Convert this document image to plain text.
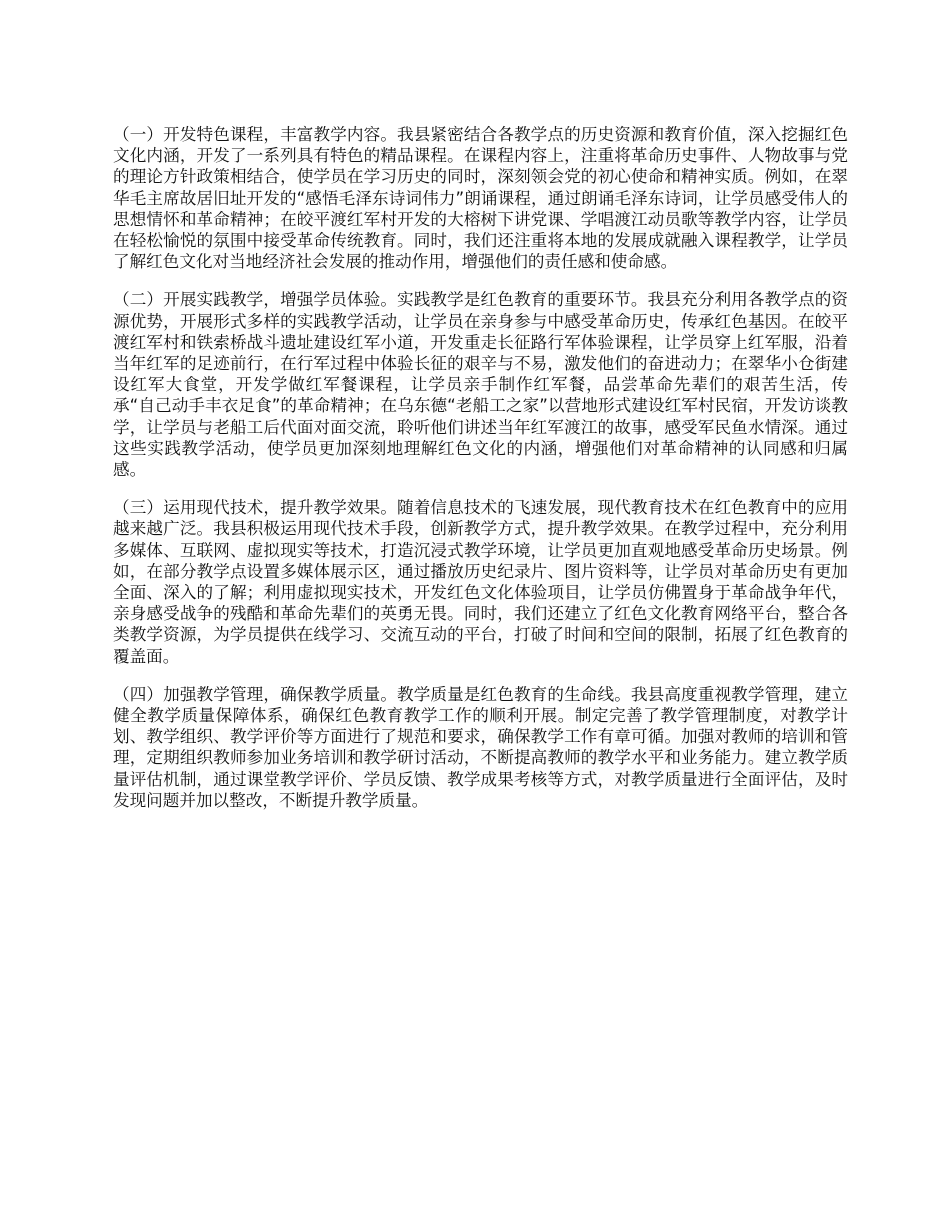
（一）开发特色课程，丰富教学内容。我县紧密结合各教学点的历史资源和教育价值，深入挖掘红色文化内涵，开发了一系列具有特色的精品课程。在课程内容上，注重将革命历史事件、人物故事与党的理论方针政策相结合，使学员在学习历史的同时，深刻领会党的初心使命和精神实质。例如，在翠华毛主席故居旧址开发的“感悟毛泽东诗词伟力”朗诵课程，通过朗诵毛泽东诗词，让学员感受伟人的思想情怀和革命精神；在皎平渡红军村开发的大榕树下讲党课、学唱渡江动员歌等教学内容，让学员在轻松愉悦的氛围中接受革命传统教育。同时，我们还注重将本地的发展成就融入课程教学，让学员了解红色文化对当地经济社会发展的推动作用，增强他们的责任感和使命感。

（二）开展实践教学，增强学员体验。实践教学是红色教育的重要环节。我县充分利用各教学点的资源优势，开展形式多样的实践教学活动，让学员在亲身参与中感受革命历史，传承红色基因。在皎平渡红军村和铁索桥战斗遗址建设红军小道，开发重走长征路行军体验课程，让学员穿上红军服，沿着当年红军的足迹前行，在行军过程中体验长征的艰辛与不易，激发他们的奋进动力；在翠华小仓街建设红军大食堂，开发学做红军餐课程，让学员亲手制作红军餐，品尝革命先辈们的艰苦生活，传承“自己动手丰衣足食”的革命精神；在乌东德“老船工之家”以营地形式建设红军村民宿，开发访谈教学，让学员与老船工后代面对面交流，聆听他们讲述当年红军渡江的故事，感受军民鱼水情深。通过这些实践教学活动，使学员更加深刻地理解红色文化的内涵，增强他们对革命精神的认同感和归属感。

（三）运用现代技术，提升教学效果。随着信息技术的飞速发展，现代教育技术在红色教育中的应用越来越广泛。我县积极运用现代技术手段，创新教学方式，提升教学效果。在教学过程中，充分利用多媒体、互联网、虚拟现实等技术，打造沉浸式教学环境，让学员更加直观地感受革命历史场景。例如，在部分教学点设置多媒体展示区，通过播放历史纪录片、图片资料等，让学员对革命历史有更加全面、深入的了解；利用虚拟现实技术，开发红色文化体验项目，让学员仿佛置身于革命战争年代，亲身感受战争的残酷和革命先辈们的英勇无畏。同时，我们还建立了红色文化教育网络平台，整合各类教学资源，为学员提供在线学习、交流互动的平台，打破了时间和空间的限制，拓展了红色教育的覆盖面。

（四）加强教学管理，确保教学质量。教学质量是红色教育的生命线。我县高度重视教学管理，建立健全教学质量保障体系，确保红色教育教学工作的顺利开展。制定完善了教学管理制度，对教学计划、教学组织、教学评价等方面进行了规范和要求，确保教学工作有章可循。加强对教师的培训和管理，定期组织教师参加业务培训和教学研讨活动，不断提高教师的教学水平和业务能力。建立教学质量评估机制，通过课堂教学评价、学员反馈、教学成果考核等方式，对教学质量进行全面评估，及时发现问题并加以整改，不断提升教学质量。
